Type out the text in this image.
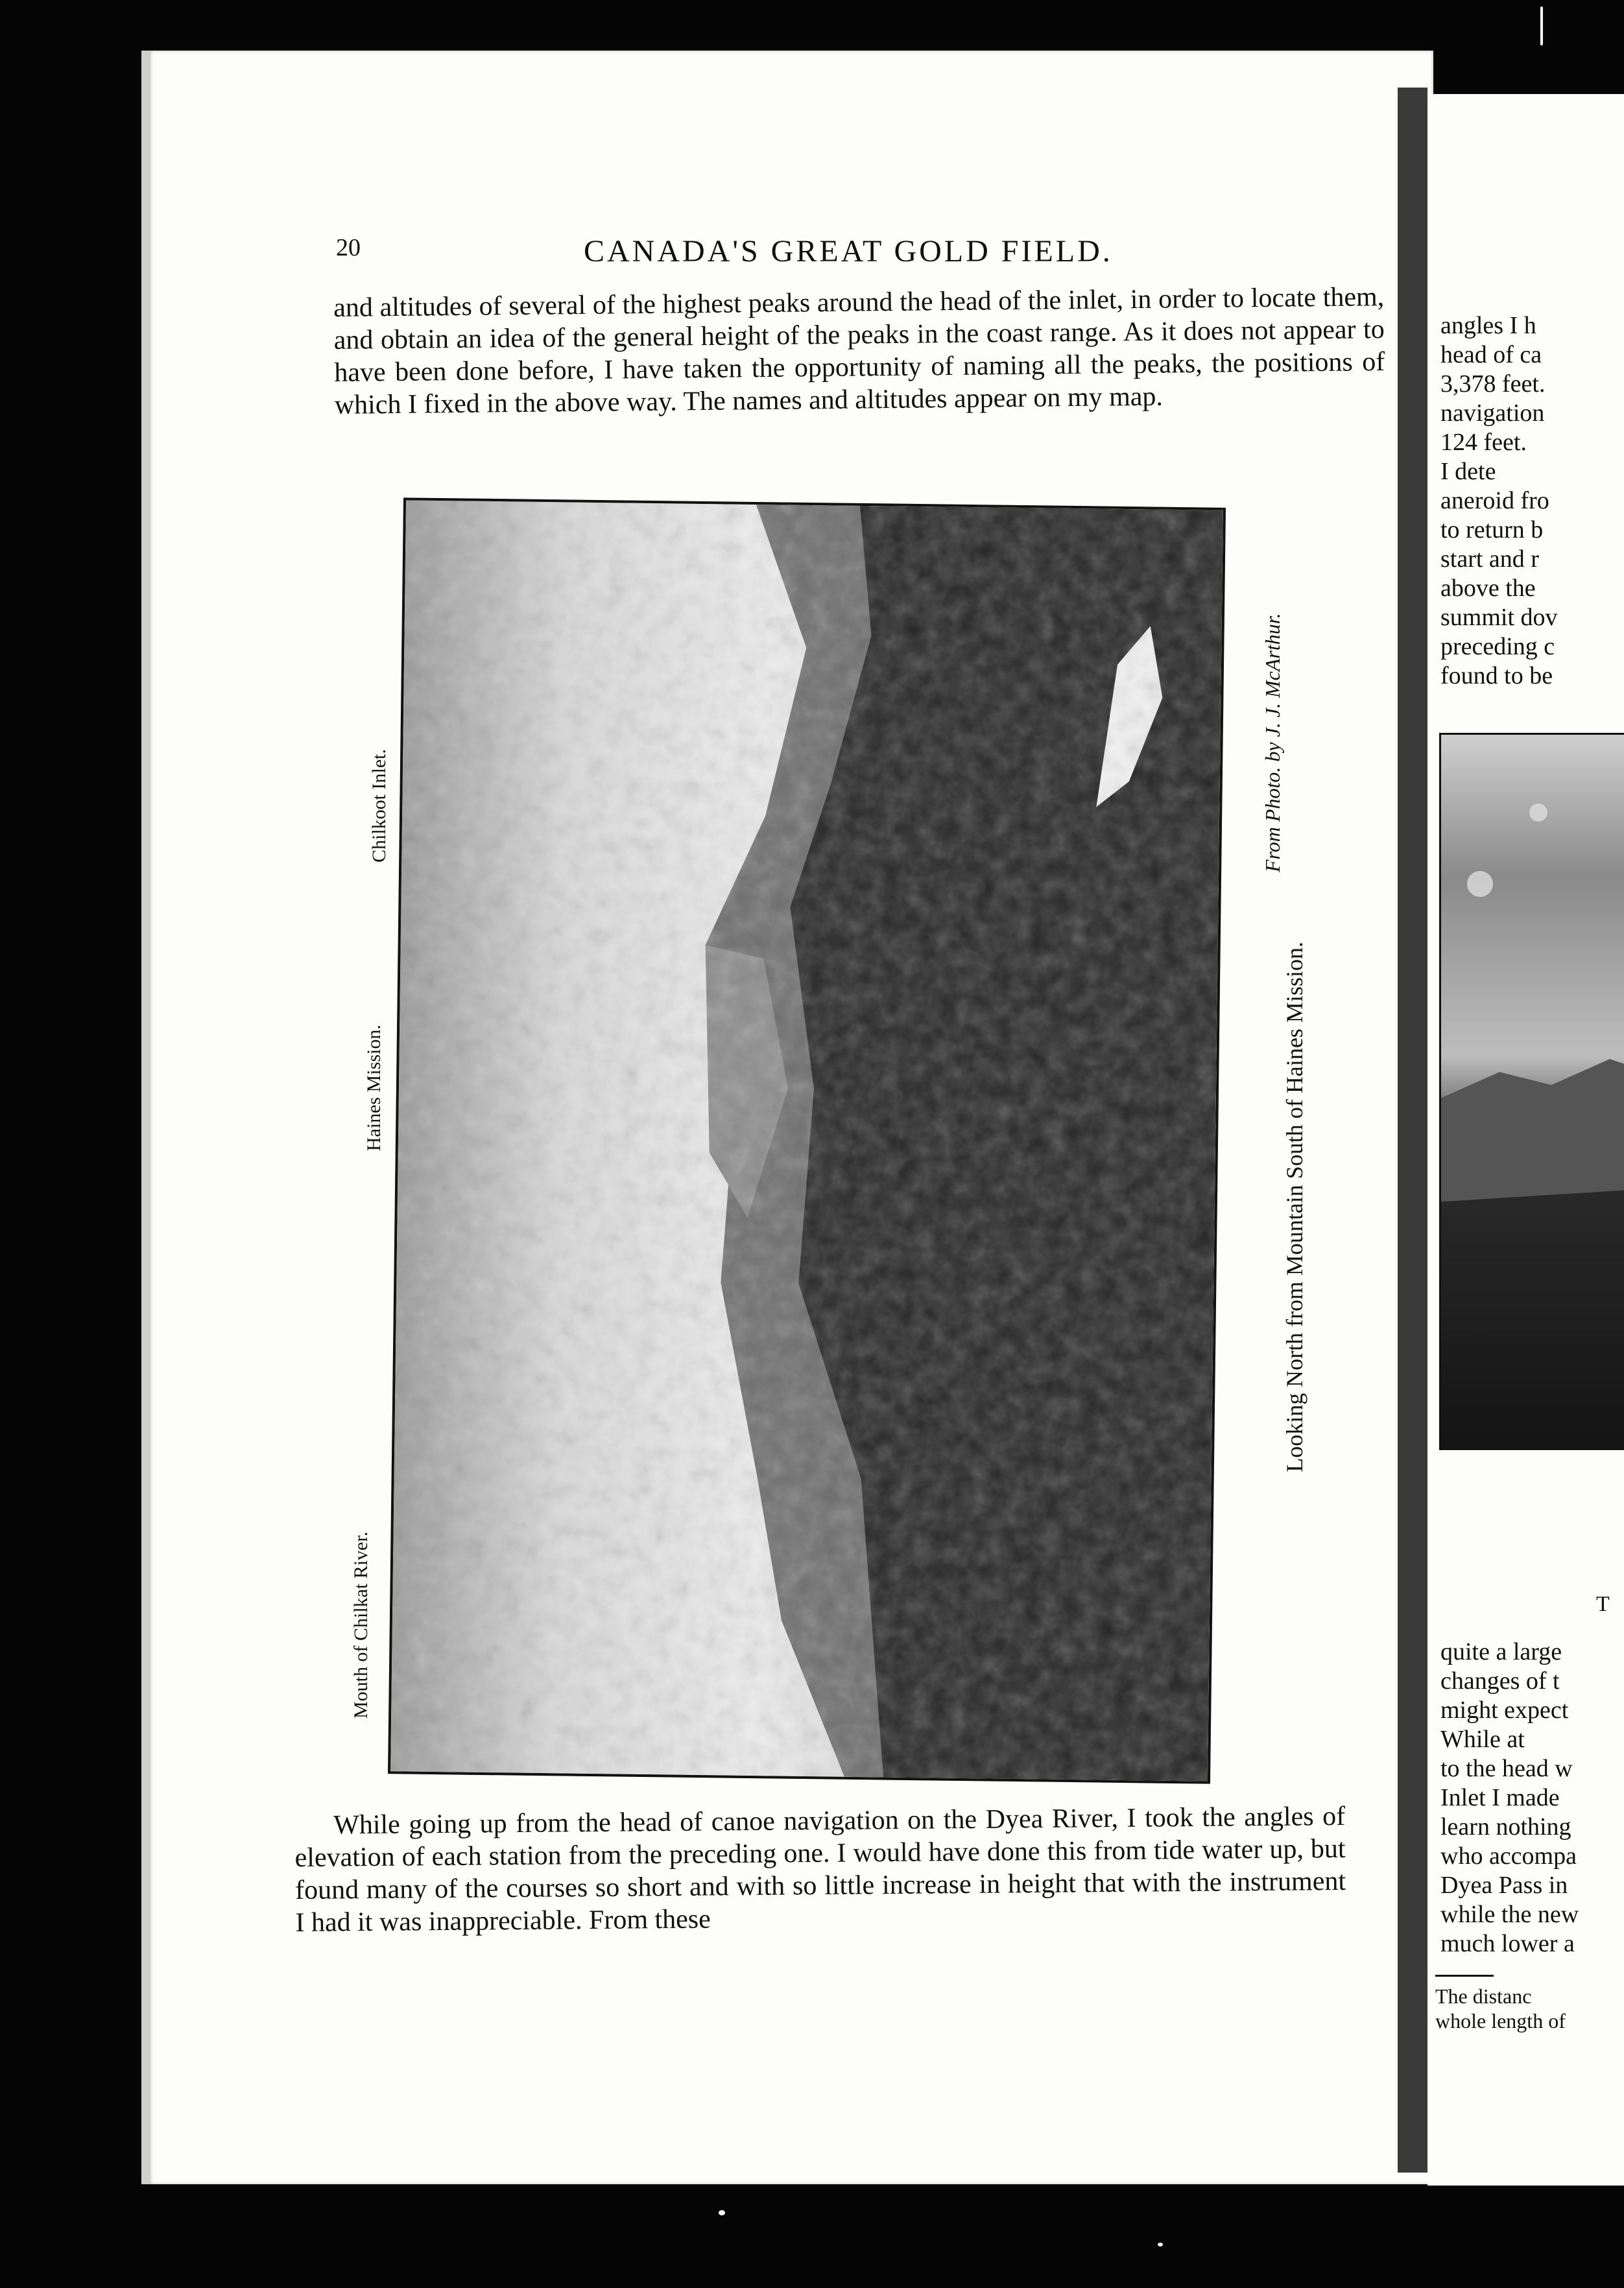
angles I h
head of ca
3,378 feet.
navigation
124 feet.
I dete
aneroid fro
to return b
start and r
above the
summit dov
preceding c
found to be
T
quite a large
changes of t
might expect
While at
to the head w
Inlet I made
learn nothing
who accompa
Dyea Pass in
while the new
much lower a
The distanc
whole length of
20	CANADA'S GREAT GOLD FIELD.
and altitudes of several of the highest peaks around the head of the inlet, in order to locate them, and obtain an idea of the general height of the peaks in the coast range. As it does not appear to have been done before, I have taken the opportunity of naming all the peaks, the positions of which I fixed in the above way. The names and altitudes appear on my map.
Chilkoot Inlet.
Haines Mission.
Mouth of Chilkat River.
Looking North from Mountain South of Haines Mission.
From Photo. by J. J. McArthur.
While going up from the head of canoe navigation on the Dyea River, I took the angles of elevation of each station from the preceding one. I would have done this from tide water up, but found many of the courses so short and with so little increase in height that with the instrument I had it was inappreciable. From these
